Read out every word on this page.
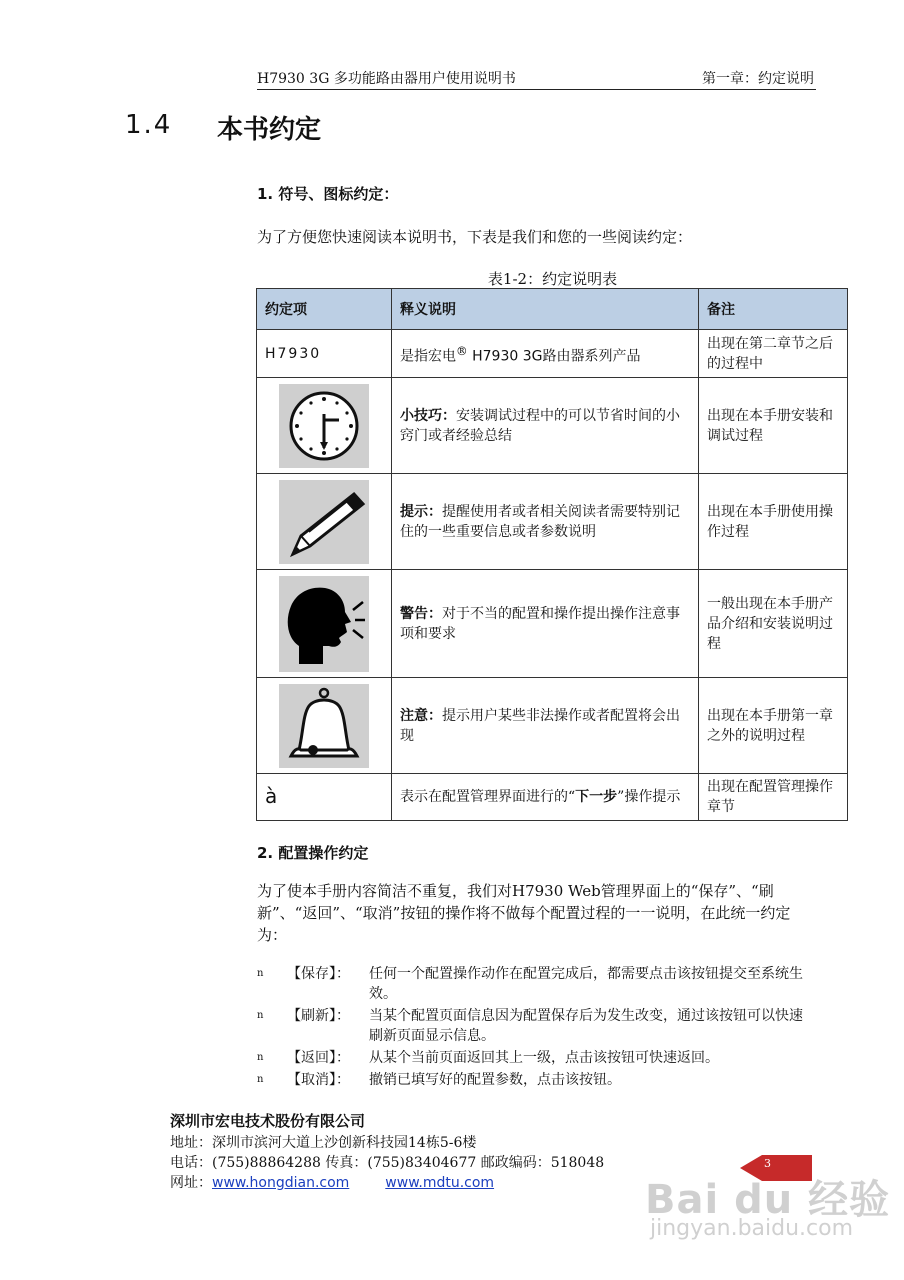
H7930 3G 多功能路由器用户使用说明书	第一章：约定说明
1.4 本书约定
1. 符号、图标约定：
为了方便您快速阅读本说明书，下表是我们和您的一些阅读约定：
表1-2：约定说明表
约定项	释义说明	备注
H7930	是指宏电® H7930 3G路由器系列产品	出现在第二章节之后的过程中

	小技巧：安装调试过程中的可以节省时间的小窍门或者经验总结	出现在本手册安装和调试过程

	提示：提醒使用者或者相关阅读者需要特别记住的一些重要信息或者参数说明	出现在本手册使用操作过程

	警告：对于不当的配置和操作提出操作注意事项和要求	一般出现在本手册产品介绍和安装说明过程

	注意：提示用户某些非法操作或者配置将会出现	出现在本手册第一章之外的说明过程
à	表示在配置管理界面进行的“下一步”操作提示	出现在配置管理操作章节
2. 配置操作约定
为了使本手册内容简洁不重复，我们对H7930 Web管理界面上的“保存”、“刷新”、“返回”、“取消”按钮的操作将不做每个配置过程的一一说明，在此统一约定为：
n 【保存】： 任何一个配置操作动作在配置完成后，都需要点击该按钮提交至系统生效。
n 【刷新】： 当某个配置页面信息因为配置保存后为发生改变，通过该按钮可以快速刷新页面显示信息。
n 【返回】： 从某个当前页面返回其上一级，点击该按钮可快速返回。
n 【取消】： 撤销已填写好的配置参数，点击该按钮。
深圳市宏电技术股份有限公司
地址：深圳市滨河大道上沙创新科技园14栋5-6楼
电话：(755)88864288 传真：(755)83404677 邮政编码：518048
网址：www.hongdian.com	www.mdtu.com
3
Bai du 经验
jingyan.baidu.com
